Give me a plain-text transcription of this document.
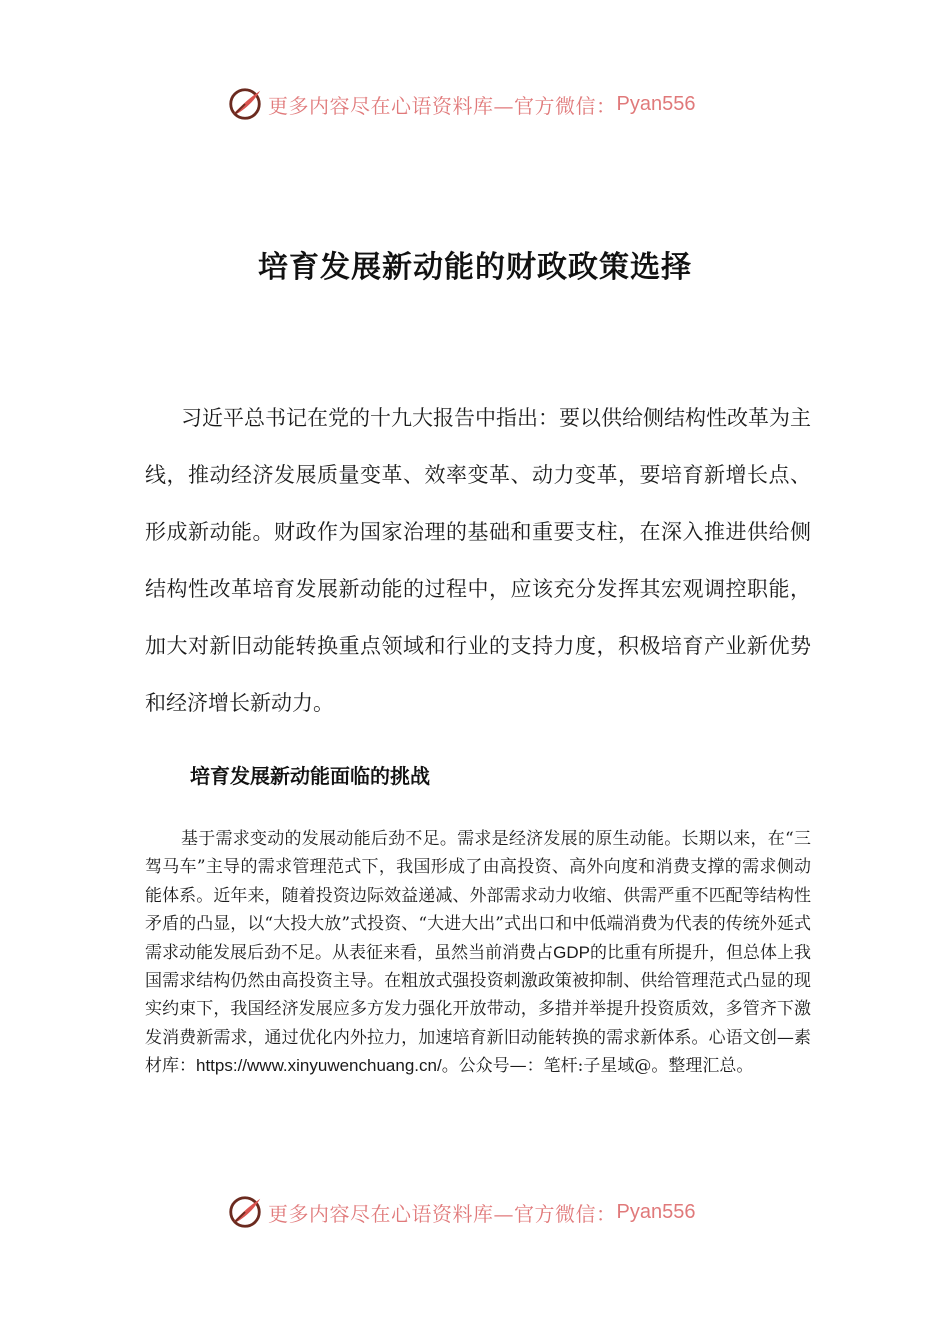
更多内容尽在心语资料库—官方微信： Pyan556
培育发展新动能的财政政策选择

习近平总书记在党的十九大报告中指出：要以供给侧结构性改革为主线，推动经济发展质量变革、效率变革、动力变革，要培育新增长点、形成新动能。财政作为国家治理的基础和重要支柱，在深入推进供给侧结构性改革培育发展新动能的过程中，应该充分发挥其宏观调控职能，加大对新旧动能转换重点领域和行业的支持力度，积极培育产业新优势和经济增长新动力。

培育发展新动能面临的挑战

基于需求变动的发展动能后劲不足。需求是经济发展的原生动能。长期以来，在“三驾马车”主导的需求管理范式下，我国形成了由高投资、高外向度和消费支撑的需求侧动能体系。近年来，随着投资边际效益递减、外部需求动力收缩、供需严重不匹配等结构性矛盾的凸显，以“大投大放”式投资、“大进大出”式出口和中低端消费为代表的传统外延式需求动能发展后劲不足。从表征来看，虽然当前消费占GDP的比重有所提升，但总体上我国需求结构仍然由高投资主导。在粗放式强投资刺激政策被抑制、供给管理范式凸显的现实约束下，我国经济发展应多方发力强化开放带动，多措并举提升投资质效，多管齐下激发消费新需求，通过优化内外拉力，加速培育新旧动能转换的需求新体系。心语文创—素材库：https://www.xinyuwenchuang.cn/。公众号—：笔杆:子星域@。整理汇总。

更多内容尽在心语资料库—官方微信： Pyan556
